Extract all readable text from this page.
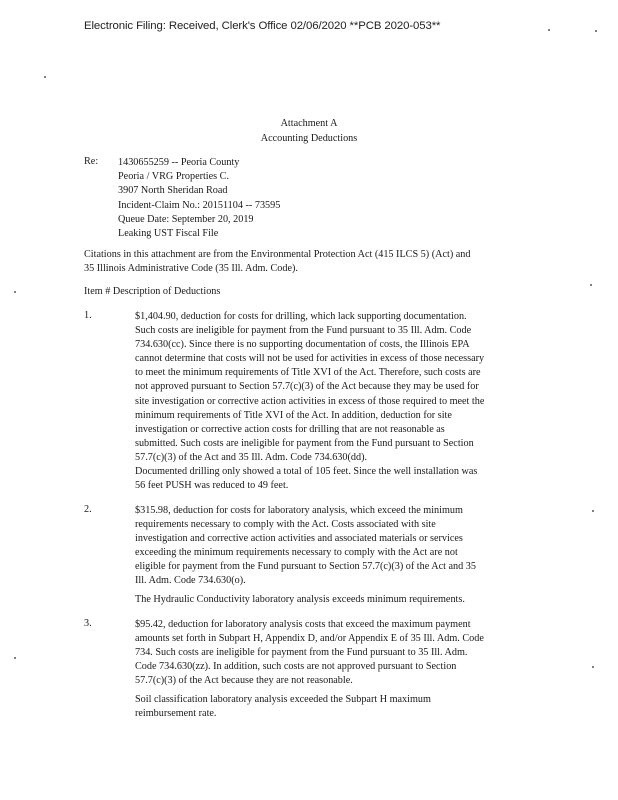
Electronic Filing: Received, Clerk's Office 02/06/2020 **PCB 2020-053**
Attachment A
Accounting Deductions
Re: 1430655259 -- Peoria County
Peoria / VRG Properties C.
3907 North Sheridan Road
Incident-Claim No.: 20151104 -- 73595
Queue Date: September 20, 2019
Leaking UST Fiscal File
Citations in this attachment are from the Environmental Protection Act (415 ILCS 5) (Act) and
35 Illinois Administrative Code (35 Ill. Adm. Code).
Item # Description of Deductions
1.	$1,404.90, deduction for costs for drilling, which lack supporting documentation.
Such costs are ineligible for payment from the Fund pursuant to 35 Ill. Adm. Code
734.630(cc). Since there is no supporting documentation of costs, the Illinois EPA
cannot determine that costs will not be used for activities in excess of those necessary
to meet the minimum requirements of Title XVI of the Act. Therefore, such costs are
not approved pursuant to Section 57.7(c)(3) of the Act because they may be used for
site investigation or corrective action activities in excess of those required to meet the
minimum requirements of Title XVI of the Act. In addition, deduction for site
investigation or corrective action costs for drilling that are not reasonable as
submitted. Such costs are ineligible for payment from the Fund pursuant to Section
57.7(c)(3) of the Act and 35 Ill. Adm. Code 734.630(dd).
Documented drilling only showed a total of 105 feet. Since the well installation was
56 feet PUSH was reduced to 49 feet.
2.	$315.98, deduction for costs for laboratory analysis, which exceed the minimum
requirements necessary to comply with the Act. Costs associated with site
investigation and corrective action activities and associated materials or services
exceeding the minimum requirements necessary to comply with the Act are not
eligible for payment from the Fund pursuant to Section 57.7(c)(3) of the Act and 35
Ill. Adm. Code 734.630(o).
The Hydraulic Conductivity laboratory analysis exceeds minimum requirements.
3.	$95.42, deduction for laboratory analysis costs that exceed the maximum payment
amounts set forth in Subpart H, Appendix D, and/or Appendix E of 35 Ill. Adm. Code
734. Such costs are ineligible for payment from the Fund pursuant to 35 Ill. Adm.
Code 734.630(zz). In addition, such costs are not approved pursuant to Section
57.7(c)(3) of the Act because they are not reasonable.
Soil classification laboratory analysis exceeded the Subpart H maximum
reimbursement rate.
